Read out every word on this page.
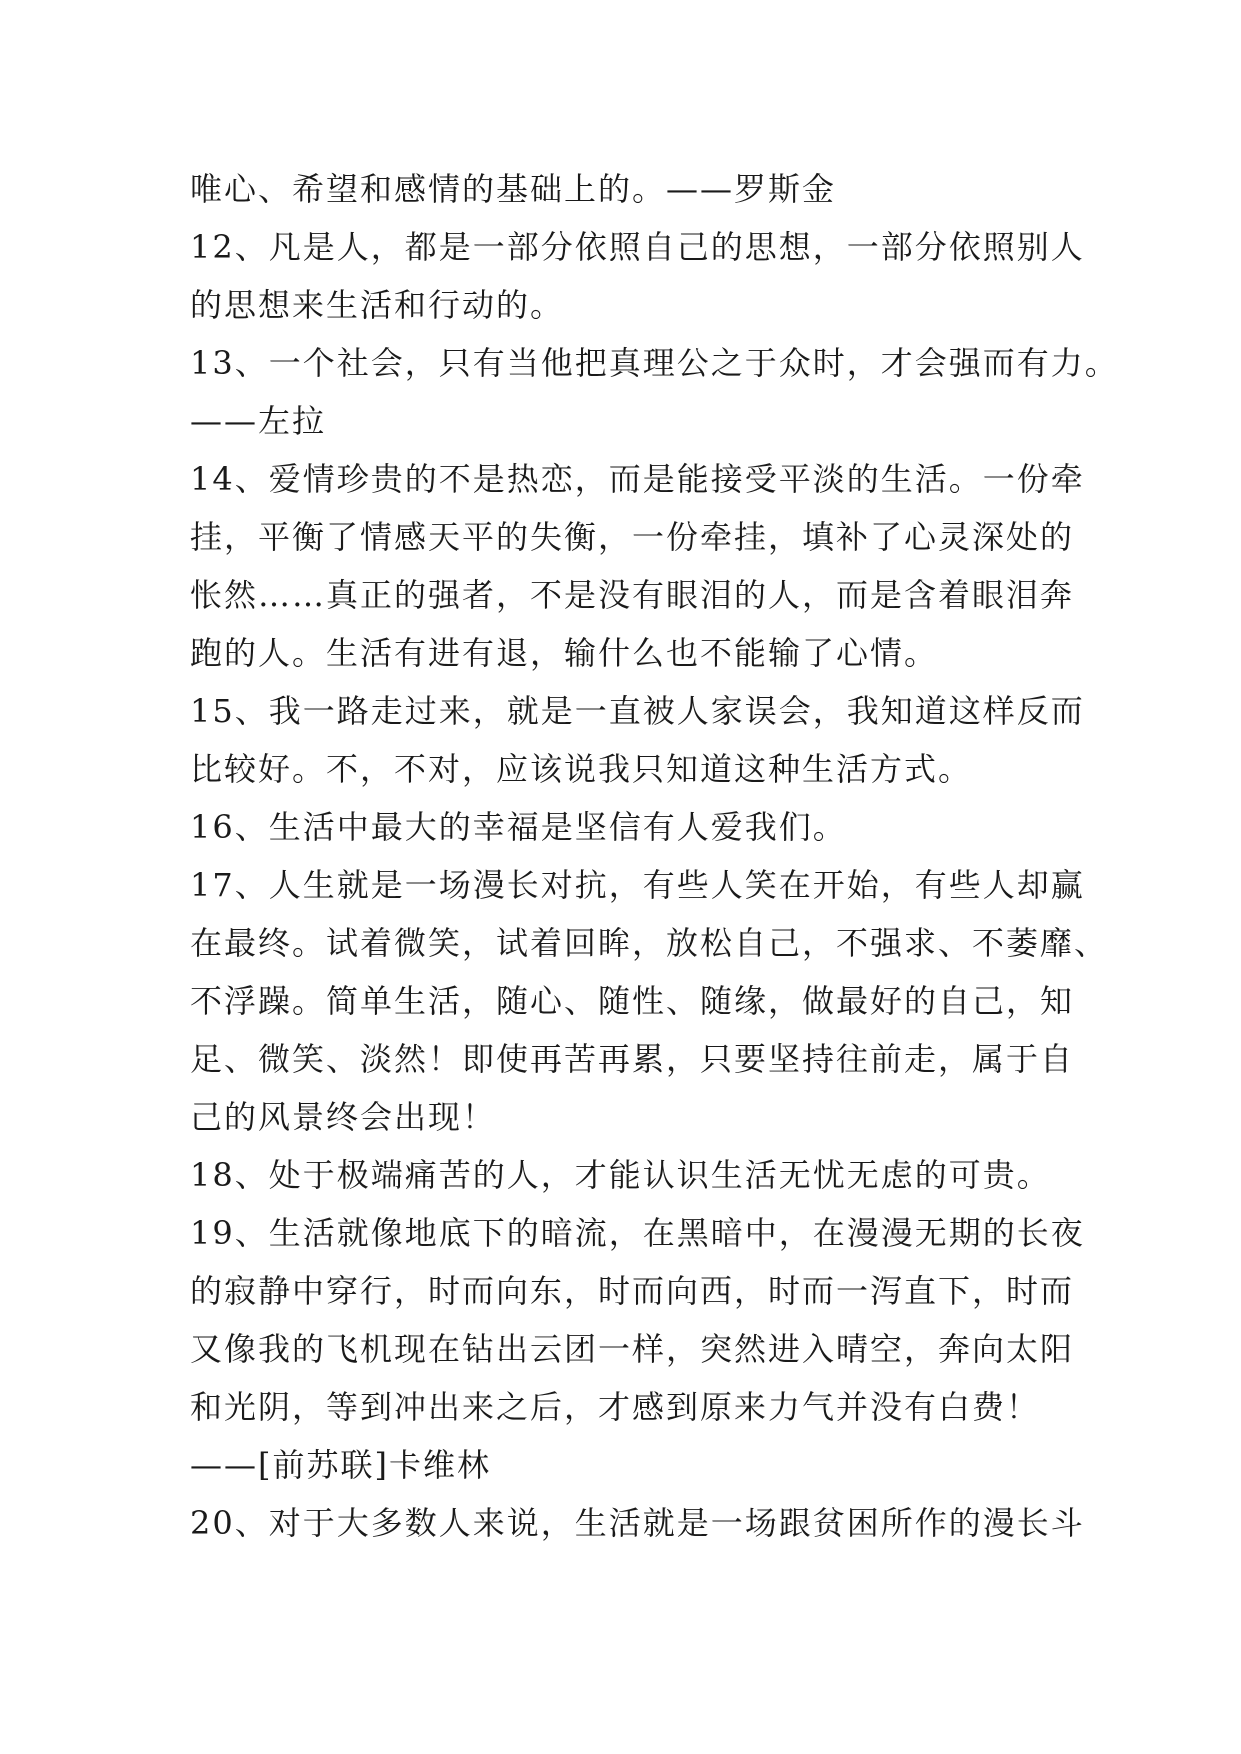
唯心、希望和感情的基础上的。——罗斯金
12、凡是人，都是一部分依照自己的思想，一部分依照别人
的思想来生活和行动的。
13、一个社会，只有当他把真理公之于众时，才会强而有力。
——左拉
14、爱情珍贵的不是热恋，而是能接受平淡的生活。一份牵
挂，平衡了情感天平的失衡，一份牵挂，填补了心灵深处的
怅然……真正的强者，不是没有眼泪的人，而是含着眼泪奔
跑的人。生活有进有退，输什么也不能输了心情。
15、我一路走过来，就是一直被人家误会，我知道这样反而
比较好。不，不对，应该说我只知道这种生活方式。
16、生活中最大的幸福是坚信有人爱我们。
17、人生就是一场漫长对抗，有些人笑在开始，有些人却赢
在最终。试着微笑，试着回眸，放松自己，不强求、不萎靡、
不浮躁。简单生活，随心、随性、随缘，做最好的自己，知
足、微笑、淡然！即使再苦再累，只要坚持往前走，属于自
己的风景终会出现！
18、处于极端痛苦的人，才能认识生活无忧无虑的可贵。
19、生活就像地底下的暗流，在黑暗中，在漫漫无期的长夜
的寂静中穿行，时而向东，时而向西，时而一泻直下，时而
又像我的飞机现在钻出云团一样，突然进入晴空，奔向太阳
和光阴，等到冲出来之后，才感到原来力气并没有白费！
——[前苏联]卡维林
20、对于大多数人来说，生活就是一场跟贫困所作的漫长斗
